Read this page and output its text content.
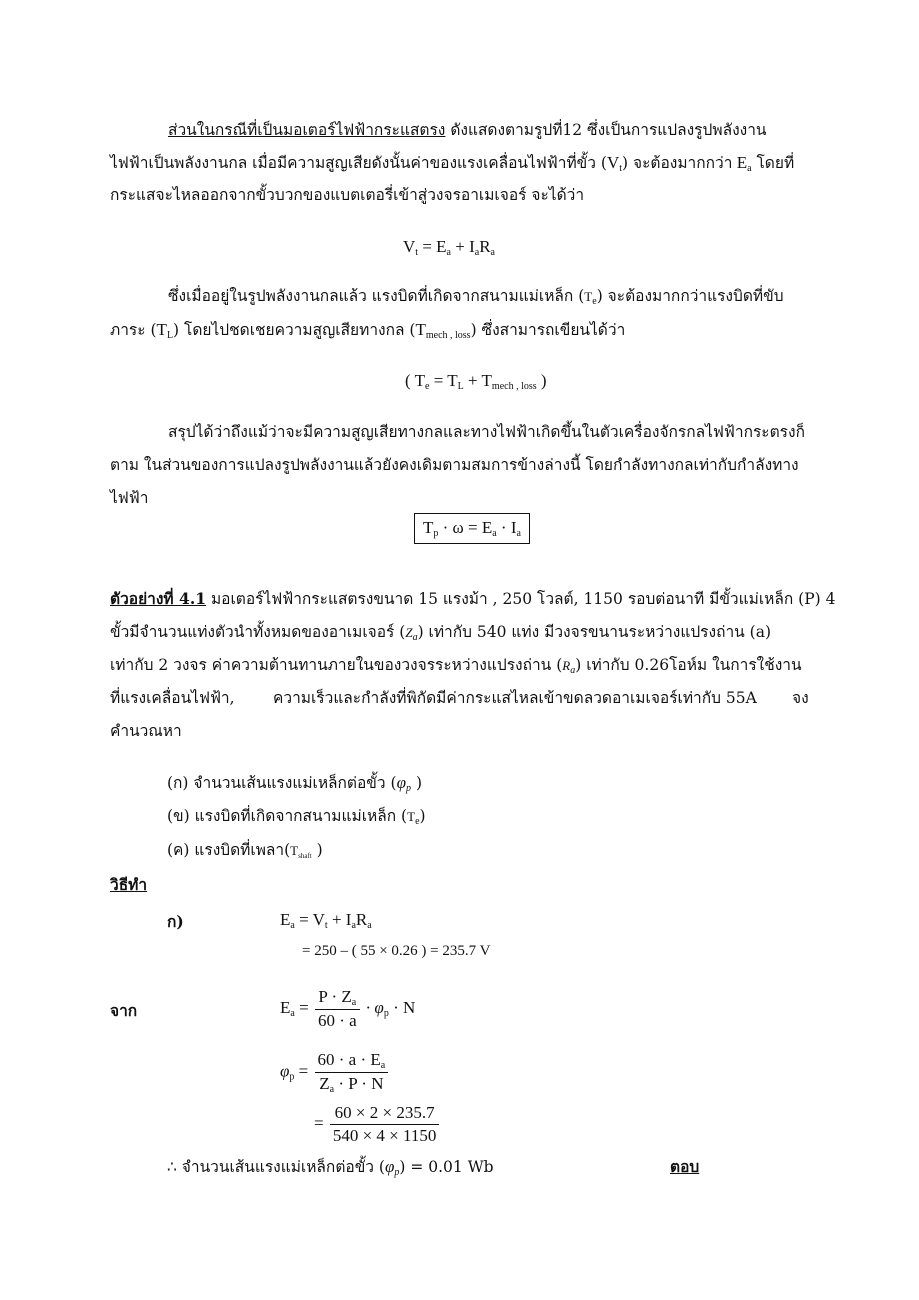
ส่วนในกรณีที่เป็นมอเตอร์ไฟฟ้ากระแสตรง ดังแสดงตามรูปที่12 ซึ่งเป็นการแปลงรูปพลังงาน
ไฟฟ้าเป็นพลังงานกล เมื่อมีความสูญเสียดังนั้นค่าของแรงเคลื่อนไฟฟ้าที่ขั้ว $(V_t)$ จะต้องมากกว่า $E_a$ โดยที่
กระแสจะไหลออกจากขั้วบวกของแบตเตอรี่เข้าสู่วงจรอาเมเจอร์ จะได้ว่า
$V_t = E_a + I_aR_a$
ซึ่งเมื่ออยู่ในรูปพลังงานกลแล้ว แรงบิดที่เกิดจากสนามแม่เหล็ก $(T_e)$ จะต้องมากกว่าแรงบิดที่ขับ
ภาระ $(T_L)$ โดยไปชดเชยความสูญเสียทางกล $(T_{mech , loss})$ ซึ่งสามารถเขียนได้ว่า
( $T_e = T_L + T_{mech , loss}$ )
สรุปได้ว่าถึงแม้ว่าจะมีความสูญเสียทางกลและทางไฟฟ้าเกิดขึ้นในตัวเครื่องจักรกลไฟฟ้ากระตรงก็
ตาม ในส่วนของการแปลงรูปพลังงานแล้วยังคงเดิมตามสมการข้างล่างนี้ โดยกำลังทางกลเท่ากับกำลังทาง
ไฟฟ้า
$T_p \cdot \omega = E_a \cdot I_a$
ตัวอย่างที่ 4.1 มอเตอร์ไฟฟ้ากระแสตรงขนาด 15 แรงม้า , 250 โวลต์, 1150 รอบต่อนาที มีขั้วแม่เหล็ก (P) 4
ขั้วมีจำนวนแท่งตัวนำทั้งหมดของอาเมเจอร์ $(Z_a)$ เท่ากับ 540 แท่ง มีวงจรขนานระหว่างแปรงถ่าน (a)
เท่ากับ 2 วงจร ค่าความต้านทานภายในของวงจรระหว่างแปรงถ่าน $(R_a)$ เท่ากับ 0.26โอห์ม ในการใช้งาน
ที่แรงเคลื่อนไฟฟ้า, ความเร็วและกำลังที่พิกัดมีค่ากระแสไหลเข้าขดลวดอาเมเจอร์เท่ากับ 55A จง
คำนวณหา
(ก) จำนวนเส้นแรงแม่เหล็กต่อขั้ว ($\varphi_p$ )
(ข) แรงบิดที่เกิดจากสนามแม่เหล็ก $(T_e)$
(ค) แรงบิดที่เพลา($T_{shaft}$ )
วิธีทำ
ก)	$E_a = V_t + I_aR_a$
= 250 – ( 55 × 0.26 ) = 235.7 V
จาก	$E_a = \frac{P \cdot Z_a}{60 \cdot a} \cdot \varphi_p \cdot N$
$\varphi_p = \frac{60 \cdot a \cdot E_a}{Z_a \cdot P \cdot N}$
= $\frac{60 \times 2 \times 235.7}{540 \times 4 \times 1150}$
∴ จำนวนเส้นแรงแม่เหล็กต่อขั้ว $(\varphi_p) = 0.01$ Wb	ตอบ
